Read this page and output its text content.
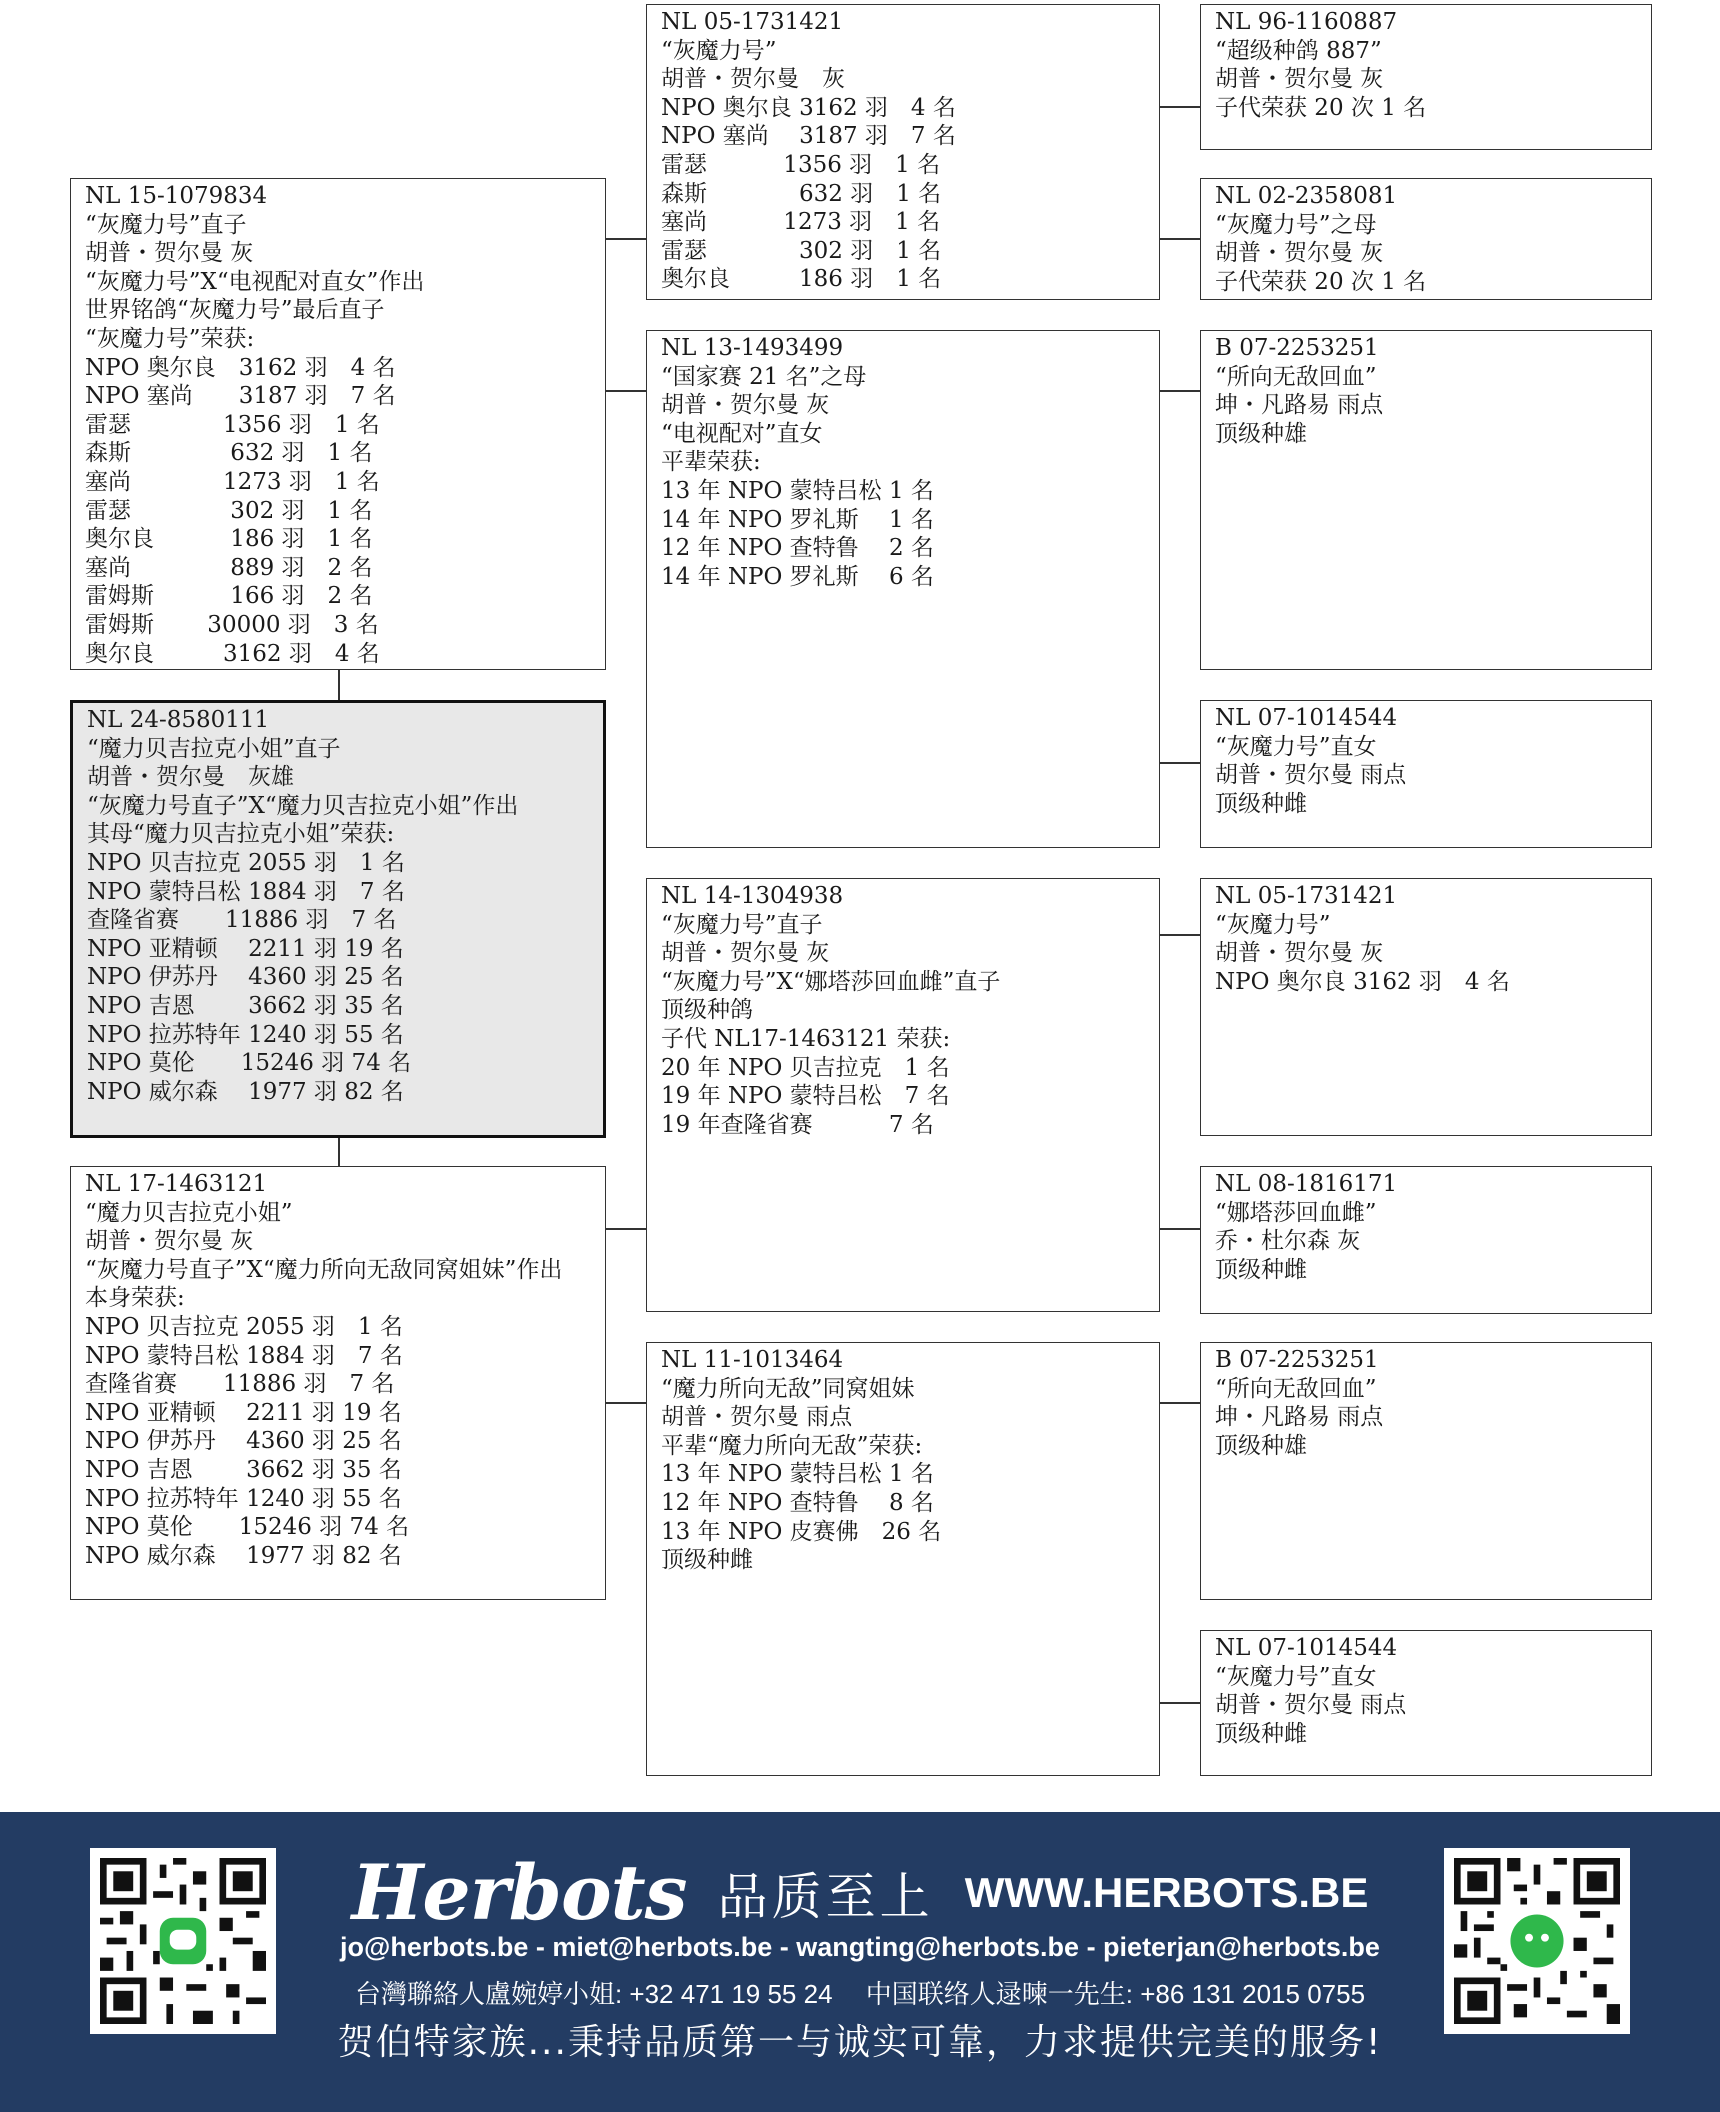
NL 24-8580111
“魔力贝吉拉克小姐”直子
胡普・贺尔曼　灰雄
“灰魔力号直子”X“魔力贝吉拉克小姐”作出
其母“魔力贝吉拉克小姐”荣获:
NPO 贝吉拉克 2055 羽　1 名
NPO 蒙特吕松 1884 羽　7 名
查隆省赛　　11886 羽　7 名
NPO 亚精顿　 2211 羽 19 名
NPO 伊苏丹　 4360 羽 25 名
NPO 吉恩　　 3662 羽 35 名
NPO 拉苏特年 1240 羽 55 名
NPO 莫伦　　15246 羽 74 名
NPO 威尔森　 1977 羽 82 名
NL 15-1079834
“灰魔力号”直子
胡普・贺尔曼 灰
“灰魔力号”X“电视配对直女”作出
世界铭鸽“灰魔力号”最后直子
“灰魔力号”荣获:
NPO 奥尔良　3162 羽　4 名
NPO 塞尚　　3187 羽　7 名
雷瑟　　　　1356 羽　1 名
森斯　　　　 632 羽　1 名
塞尚　　　　1273 羽　1 名
雷瑟　　　　 302 羽　1 名
奥尔良　　　 186 羽　1 名
塞尚　　　　 889 羽　2 名
雷姆斯　　　 166 羽　2 名
雷姆斯　　 30000 羽　3 名
奥尔良　　　3162 羽　4 名
NL 17-1463121
“魔力贝吉拉克小姐”
胡普・贺尔曼 灰
“灰魔力号直子”X“魔力所向无敌同窝姐妹”作出
本身荣获:
NPO 贝吉拉克 2055 羽　1 名
NPO 蒙特吕松 1884 羽　7 名
查隆省赛　　11886 羽　7 名
NPO 亚精顿　 2211 羽 19 名
NPO 伊苏丹　 4360 羽 25 名
NPO 吉恩　　 3662 羽 35 名
NPO 拉苏特年 1240 羽 55 名
NPO 莫伦　　15246 羽 74 名
NPO 威尔森　 1977 羽 82 名
NL 05-1731421
“灰魔力号”
胡普・贺尔曼　灰
NPO 奥尔良 3162 羽　4 名
NPO 塞尚　 3187 羽　7 名
雷瑟　　　 1356 羽　1 名
森斯　　　　632 羽　1 名
塞尚　　　 1273 羽　1 名
雷瑟　　　　302 羽　1 名
奥尔良　　　186 羽　1 名
NL 13-1493499
“国家赛 21 名”之母
胡普・贺尔曼 灰
“电视配对”直女
平辈荣获:
13 年 NPO 蒙特吕松 1 名
14 年 NPO 罗礼斯　 1 名
12 年 NPO 查特鲁　 2 名
14 年 NPO 罗礼斯　 6 名
NL 14-1304938
“灰魔力号”直子
胡普・贺尔曼 灰
“灰魔力号”X“娜塔莎回血雌”直子
顶级种鸽
子代 NL17-1463121 荣获:
20 年 NPO 贝吉拉克　1 名
19 年 NPO 蒙特吕松　7 名
19 年查隆省赛　　　 7 名
NL 11-1013464
“魔力所向无敌”同窝姐妹
胡普・贺尔曼 雨点
平辈“魔力所向无敌”荣获:
13 年 NPO 蒙特吕松 1 名
12 年 NPO 查特鲁　 8 名
13 年 NPO 皮赛佛　26 名
顶级种雌
NL 96-1160887
“超级种鸽 887”
胡普・贺尔曼 灰
子代荣获 20 次 1 名
NL 02-2358081
“灰魔力号”之母
胡普・贺尔曼 灰
子代荣获 20 次 1 名
B 07-2253251
“所向无敌回血”
坤・凡路易 雨点
顶级种雄
NL 07-1014544
“灰魔力号”直女
胡普・贺尔曼 雨点
顶级种雌
NL 05-1731421
“灰魔力号”
胡普・贺尔曼 灰
NPO 奥尔良 3162 羽　4 名
NL 08-1816171
“娜塔莎回血雌”
乔・杜尔森 灰
顶级种雌
B 07-2253251
“所向无敌回血”
坤・凡路易 雨点
顶级种雄
NL 07-1014544
“灰魔力号”直女
胡普・贺尔曼 雨点
顶级种雌
Herbots 品质至上 WWW.HERBOTS.BE
jo@herbots.be - miet@herbots.be - wangting@herbots.be - pieterjan@herbots.be
台灣聯絡人盧婉婷小姐: +32 471 19 55 24　 中国联络人逯暕一先生: +86 131 2015 0755
贺伯特家族...秉持品质第一与诚实可靠，力求提供完美的服务!
